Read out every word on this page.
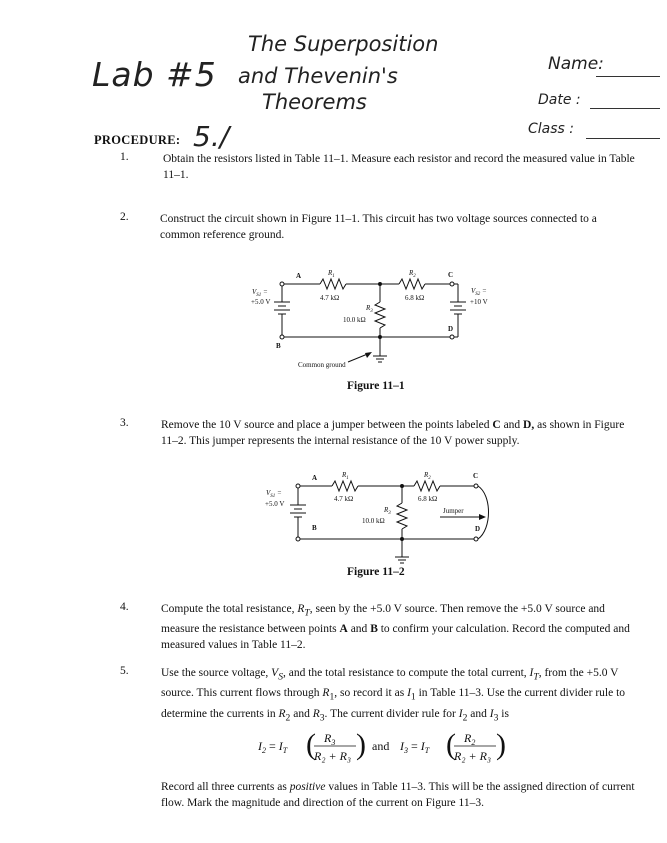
The Superposition
and Thevenin's
Theorems
Lab #5	Name:
Date :
Class :
PROCEDURE: 5./
1.	Obtain the resistors listed in Table 11–1. Measure each resistor and record the measured value in Table 11–1.
2.	Construct the circuit shown in Figure 11–1. This circuit has two voltage sources connected to a common reference ground.
A
B
C
D
$R_1$
4.7 kΩ
$R_2$
6.8 kΩ
$R_3$
10.0 kΩ
$V_{S1}$ =
+5.0 V
$V_{S2}$ =
+10 V
Common ground
Figure 11–1
3.	Remove the 10 V source and place a jumper between the points labeled C and D, as shown in Figure 11–2. This jumper represents the internal resistance of the 10 V power supply.
A
B
C
D
$R_1$
4.7 kΩ
$R_2$
6.8 kΩ
$R_3$
10.0 kΩ
$V_{S1}$ =
+5.0 V
Jumper
Figure 11–2
4.	Compute the total resistance, $R_T$, seen by the +5.0 V source. Then remove the +5.0 V source and measure the resistance between points A and B to confirm your calculation. Record the computed and measured values in Table 11–2.
5.	Use the source voltage, $V_S$, and the total resistance to compute the total current, $I_T$, from the +5.0 V source. This current flows through $R_1$, so record it as $I_1$ in Table 11–3. Use the current divider rule to determine the currents in $R_2$ and $R_3$. The current divider rule for $I_2$ and $I_3$ is
$I_2 = I_T$ ( $R_3$
R₂ + R₃ ) and $I_3 = I_T$ ( $R_2$
R₂ + R₃ )
Record all three currents as positive values in Table 11–3. This will be the assigned direction of current flow. Mark the magnitude and direction of the current on Figure 11–3.
